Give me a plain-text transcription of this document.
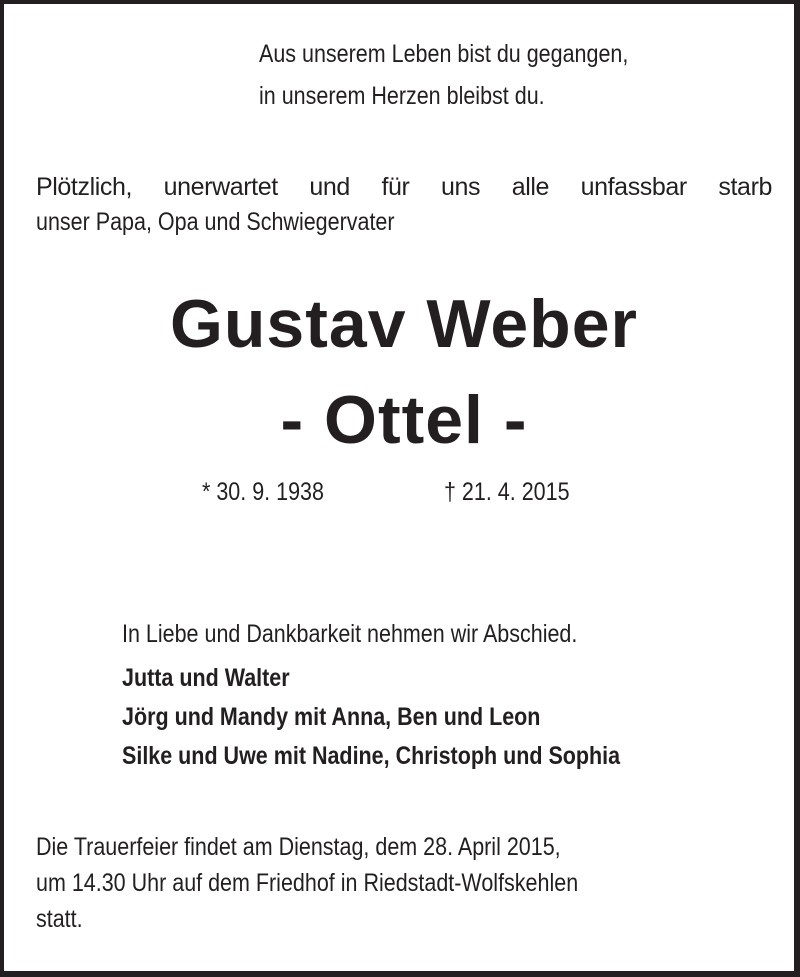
Aus unserem Leben bist du gegangen,

in unserem Herzen bleibst du.

Plötzlich, unerwartet und für uns alle unfassbar starb

unser Papa, Opa und Schwiegervater

Gustav Weber

- Ottel -

* 30. 9. 1938	† 21. 4. 2015

In Liebe und Dankbarkeit nehmen wir Abschied.

Jutta und Walter

Jörg und Mandy mit Anna, Ben und Leon

Silke und Uwe mit Nadine, Christoph und Sophia

Die Trauerfeier findet am Dienstag, dem 28. April 2015,

um 14.30 Uhr auf dem Friedhof in Riedstadt-Wolfskehlen

statt.
